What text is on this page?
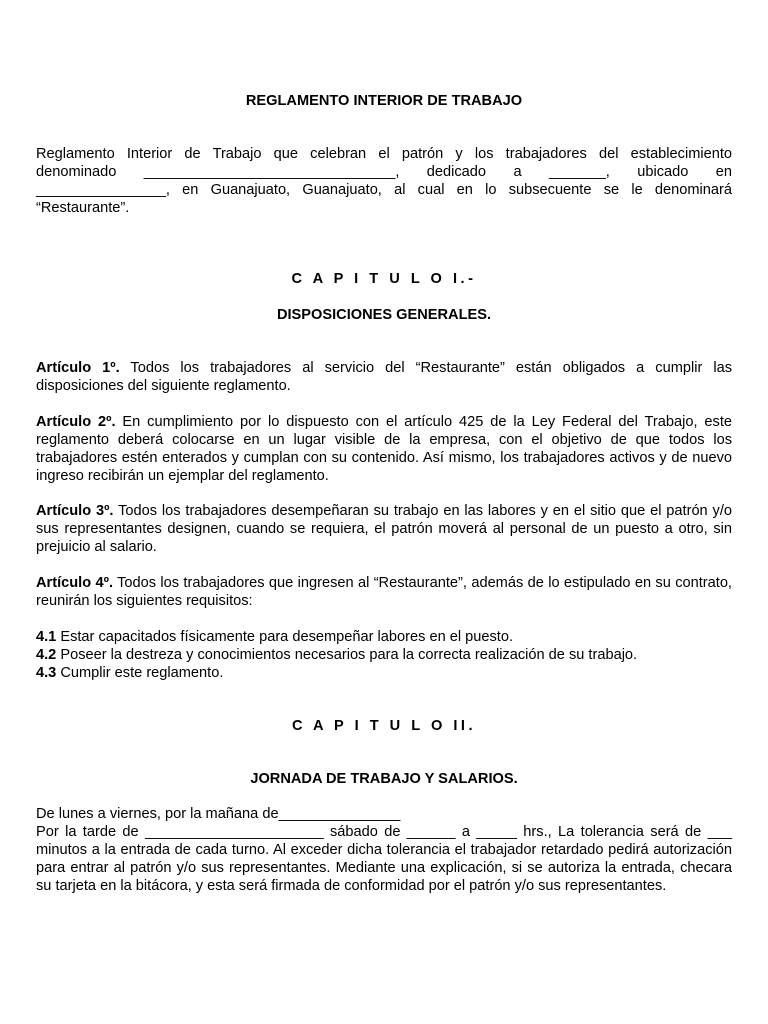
REGLAMENTO INTERIOR DE TRABAJO

Reglamento Interior de Trabajo que celebran el patrón y los trabajadores del establecimiento
denominado _______________________________, dedicado a _______, ubicado en
________________, en Guanajuato, Guanajuato, al cual en lo subsecuente se le denominará
“Restaurante”.

C A P I T U L O I.-

DISPOSICIONES GENERALES.

Artículo 1º. Todos los trabajadores al servicio del “Restaurante” están obligados a cumplir las disposiciones del siguiente reglamento.

Artículo 2º. En cumplimiento por lo dispuesto con el artículo 425 de la Ley Federal del Trabajo, este reglamento deberá colocarse en un lugar visible de la empresa, con el objetivo de que todos los trabajadores estén enterados y cumplan con su contenido. Así mismo, los trabajadores activos y de nuevo ingreso recibirán un ejemplar del reglamento.

Artículo 3º. Todos los trabajadores desempeñaran su trabajo en las labores y en el sitio que el patrón y/o sus representantes designen, cuando se requiera, el patrón moverá al personal de un puesto a otro, sin prejuicio al salario.

Artículo 4º. Todos los trabajadores que ingresen al “Restaurante”, además de lo estipulado en su contrato, reunirán los siguientes requisitos:

4.1 Estar capacitados físicamente para desempeñar labores en el puesto.
4.2 Poseer la destreza y conocimientos necesarios para la correcta realización de su trabajo.
4.3 Cumplir este reglamento.

C A P I T U L O II.

JORNADA DE TRABAJO Y SALARIOS.

De lunes a viernes, por la mañana de_______________
Por la tarde de ______________________ sábado de ______ a _____ hrs., La tolerancia será de ___ minutos a la entrada de cada turno. Al exceder dicha tolerancia el trabajador retardado pedirá autorización para entrar al patrón y/o sus representantes. Mediante una explicación, si se autoriza la entrada, checara su tarjeta en la bitácora, y esta será firmada de conformidad por el patrón y/o sus representantes.
